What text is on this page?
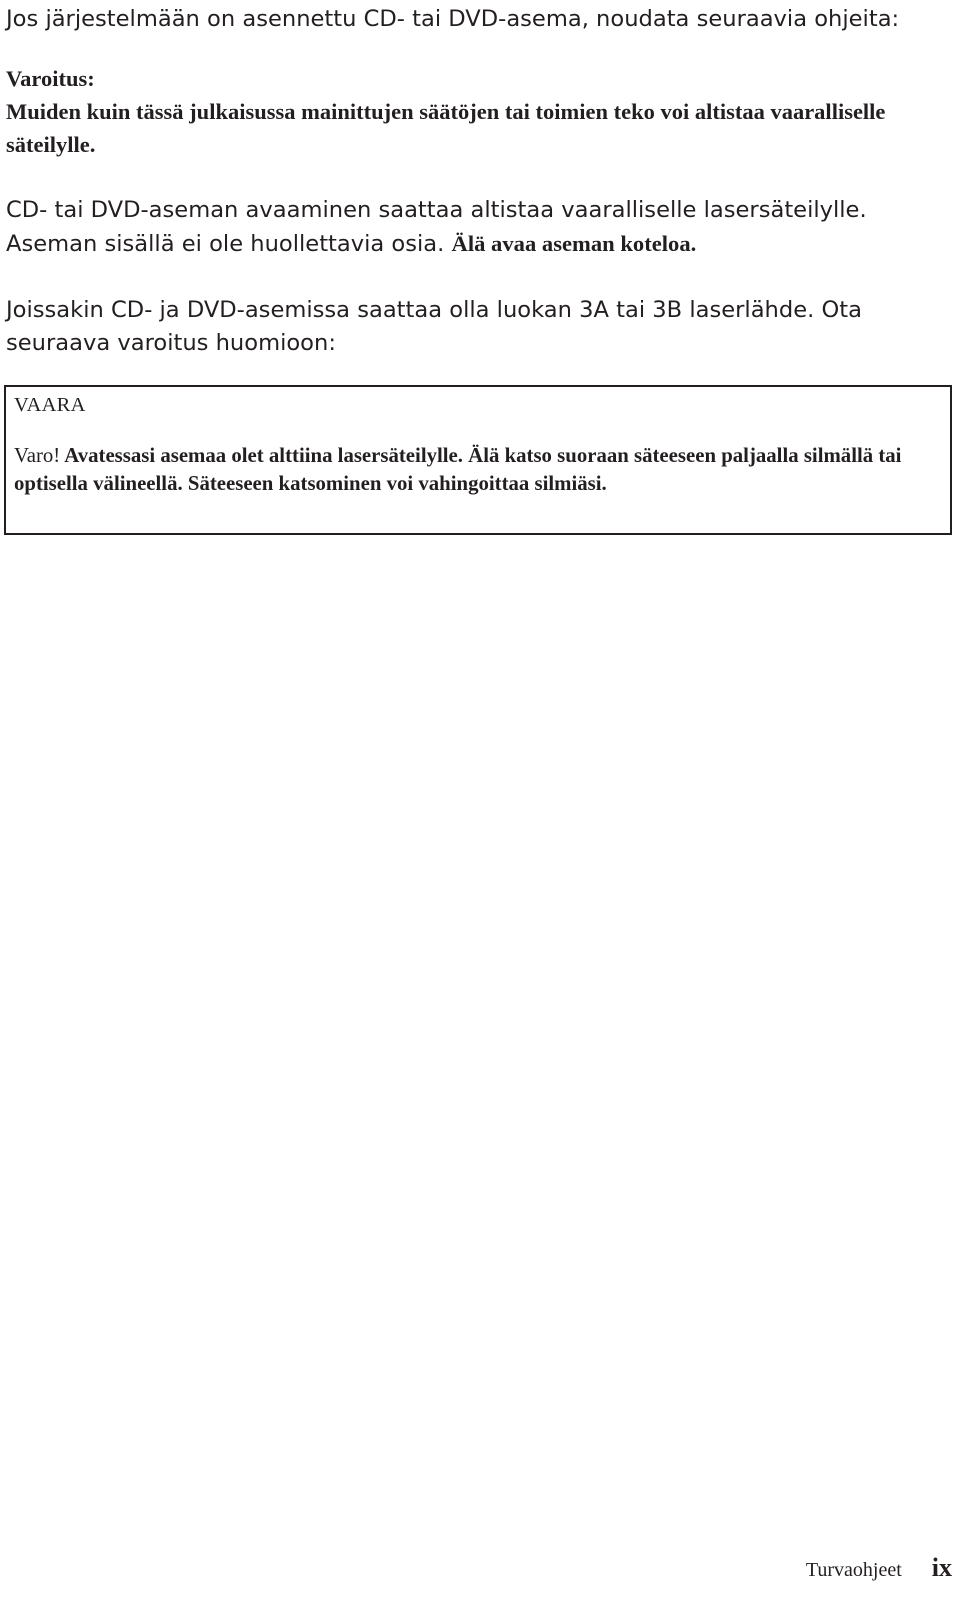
Jos järjestelmään on asennettu CD- tai DVD-asema, noudata seuraavia ohjeita:

Varoitus:
Muiden kuin tässä julkaisussa mainittujen säätöjen tai toimien teko voi altistaa vaaralliselle säteilylle.

CD- tai DVD-aseman avaaminen saattaa altistaa vaaralliselle lasersäteilylle. Aseman sisällä ei ole huollettavia osia. Älä avaa aseman koteloa.

Joissakin CD- ja DVD-asemissa saattaa olla luokan 3A tai 3B laserlähde. Ota seuraava varoitus huomioon:

VAARA

Varo! Avatessasi asemaa olet alttiina lasersäteilylle. Älä katso suoraan säteeseen paljaalla silmällä tai optisella välineellä. Säteeseen katsominen voi vahingoittaa silmiäsi.

Turvaohjeet ix
